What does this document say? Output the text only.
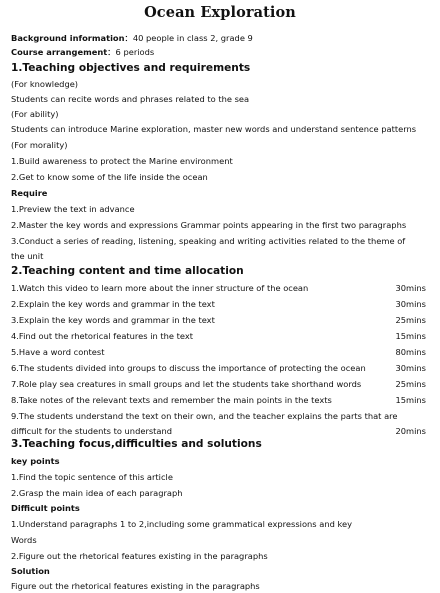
Ocean Exploration
Background information：40 people in class 2, grade 9
Course arrangement：6 periods
1.Teaching objectives and requirements
(For knowledge)
Students can recite words and phrases related to the sea
(For ability)
Students can introduce Marine exploration, master new words and understand sentence patterns
(For morality)
1.Build awareness to protect the Marine environment
2.Get to know some of the life inside the ocean
Require
1.Preview the text in advance
2.Master the key words and expressions Grammar points appearing in the first two paragraphs
3.Conduct a series of reading, listening, speaking and writing activities related to the theme of
the unit
2.Teaching content and time allocation
1.Watch this video to learn more about the inner structure of the ocean	30mins
2.Explain the key words and grammar in the text	30mins
3.Explain the key words and grammar in the text	25mins
4.Find out the rhetorical features in the text	15mins
5.Have a word contest	80mins
6.The students divided into groups to discuss the importance of protecting the ocean	30mins
7.Role play sea creatures in small groups and let the students take shorthand words	25mins
8.Take notes of the relevant texts and remember the main points in the texts	15mins
9.The students understand the text on their own, and the teacher explains the parts that are
difficult for the students to understand	20mins
3.Teaching focus,difficulties and solutions
key points
1.Find the topic sentence of this article
2.Grasp the main idea of each paragraph
Difficult points
1.Understand paragraphs 1 to 2,including some grammatical expressions and key
Words
2.Figure out the rhetorical features existing in the paragraphs
Solution
Figure out the rhetorical features existing in the paragraphs
